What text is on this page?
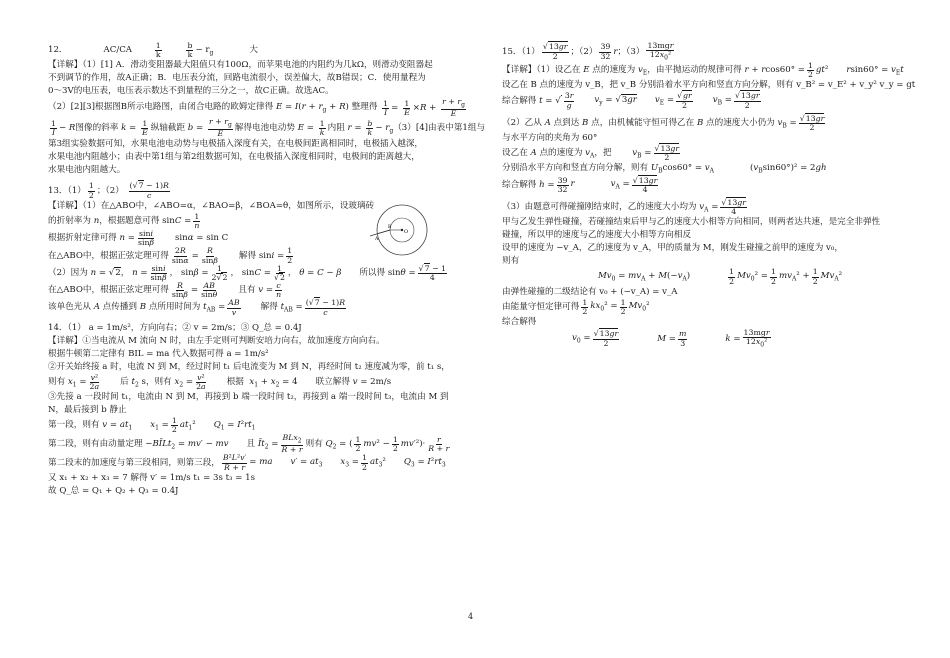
12．	AC/CA	$\frac{1}{k}$
	$\frac{b}{k} - r_g$	大
【详解】（1）[1] A．滑动变阻器最大阻值只有100Ω，而苹果电池的内阻约为几kΩ，则滑动变阻器起
不到调节的作用，故A正确；B．电压表分流，回路电流很小，误差偏大，故B错误；C．使用量程为
0～3V的电压表，电压表示数达不到量程的三分之一，故C正确。故选AC。
（2）[2][3]根据图B所示电路图，由闭合电路的欧姆定律得 $E = I(r + r_g + R)$ 整理得 $\frac{1}{I} = \frac{1}{E} \times R + \frac{r + r_g}{E}$
$\frac{1}{I} - R$图像的斜率 $k = \frac{1}{E}$ 纵轴截距 $b = \frac{r + r_g}{E}$ 解得电池电动势 $E = \frac{1}{k}$ 内阻 $r = \frac{b}{k} - r_g(3)[4]$由表中第1组与
第3组实验数据可知，水果电池电动势与电极插入深度有关，在电极间距离相同时，电极插入越深，
水果电池内阻越小；由表中第1组与第2组数据可知，在电极插入深度相同时，电极间的距离越大，
水果电池内阻越大。
13．$(1) \frac{1}{2}$ ；$(2) \frac{(√7 - 1)R}{c}$
【详解】（1）在△ABO中，∠ABO=α，∠BAO=β，∠BOA=θ，如图所示，设玻璃砖
的折射率为 n，根据题意可得 $\sin C = \frac{1}{n}$
根据折射定律可得 $n = \frac{\sin i}{\sin\beta}$ sinα = sin C
在△ABO中，根据正弦定理可得 $\frac{2R}{\sin\alpha} = \frac{R}{\sin\beta}$ 解得 $\sin i = \frac{1}{2}$
（2）因为 n = √2， $n = \frac{\sin i}{\sin\beta}$ ， $\sin\beta = \frac{1}{2√2}$ ， $\sin C = \frac{1}{√2}$ ， θ = C − β 所以得 $\sin\theta = \frac{√7 - 1}{4}$
在△ABO中，根据正弦定理可得 $\frac{R}{\sin\beta} = \frac{AB}{\sin\theta}$ 且有 $v = \frac{c}{n}$
该单色光从 A 点传播到 B 点所用时间为 $t_{AB} = \frac{AB}{v}$ 解得 $t_{AB} = \frac{(√7 - 1)R}{c}$
14．（1） a = 1m/s²，方向向右；② v = 2m/s；③ Q_总 = 0.4J
【详解】①当电流从 M 流向 N 时，由左手定则可判断安培力向右，故加速度方向向右。
根据牛顿第二定律有 BIL = ma 代入数据可得 a = 1m/s²
②开关始终接 a 时，电流 N 到 M，经过时间 t₁ 后电流变为 M 到 N，再经时间 t₂ 速度减为零，前 t₁ s，
则有 $x_1 = \frac{\text{v²}}{2a}$ 后 $t_2$ s，则有 $x_2 = \frac{\text{v²}}{2a}$ 根据  $x_1 + x_2 = 4$ 联立解得 v = 2m/s
③先接 a 一段时间 t₁，电流由 N 到 M，再接到 b 端一段时间 t₂，再接到 a 端一段时间 t₃，电流由 M 到
N，最后接到 b 静止
第一段，则有 $v = at_1$ $x_1 = \frac{1}{2} at_1^2$ $Q_1 = I^2rt_1$
第二段，则有由动量定理 −BĪLt$_2$ = mv′ − mv 且 $Īt_2 = \frac{BLx_2}{R + r}$ 则有 $Q_2$ = ( $\frac{1}{2} mv^2 - \frac{1}{2} mv'^2)\cdot \frac{r}{R + r}$
第二段末的加速度与第三段相同，则第三段， $\frac{\text{B²L²v′}}{R + r}$ = ma $v' = at_3$ $x_3 = \frac{1}{2} at_3^2$ $Q_3 = I^2rt_3$
又 x₁ + x₂ + x₃ = 7 解得 v′ = 1m/s t₁ = 3s t₃ = 1s
故 Q_总 = Q₁ + Q₂ + Q₃ = 0.4J
O
B
A
15．$(1) \frac{√13gr}{2}$ ；$(2) \frac{39}{32}$ r；$(3) \frac{\text{13mgr}}{12x_0^2}$
【详解】（1）设乙在 E 点的速度为 $v_E$，由平抛运动的规律可得 $r + rcos60^\circ = \frac{1}{2} gt^2$ $rsin60^\circ = v_Et$
设乙在 B 点的速度为 v_B，把 v_B 分别沿着水平方向和竖直方向分解，则有 v_B² = v_E² + v_y² v_y = gt
综合解得 t = √ $\frac{3r}{g} v_y = √3gr$ $v_E = \frac{√gr}{2} v_B = \frac{√13gr}{2}$
（2）乙从 A 点到达 B 点，由机械能守恒可得乙在 B 点的速度大小仍为 $v_B = \frac{√13gr}{2}$
与水平方向的夹角为 60°
设乙在 A 点的速度为 $v_A$，把 $v_B = \frac{√13gr}{2}$
分别沿水平方向和竖直方向分解，则有 $U_B\cos 60^\circ = v_A$	$(v_B\sin 60^\circ)^2 = 2gh$
综合解得 $h = \frac{39}{32}$ r	$v_A = \frac{√13gr}{4}$
（3）由题意可得碰撞刚结束时，乙的速度大小均为 $v_A = \frac{√13gr}{4}$
甲与乙发生弹性碰撞，若碰撞结束后甲与乙的速度大小相等方向相同，则两者达共速，是完全非弹性
碰撞，所以甲的速度与乙的速度大小相等方向相反
设甲的速度为 −v_A，乙的速度为 v_A，甲的质量为 M，刚发生碰撞之前甲的速度为 v₀，
则有
$Mv_0 = mv_A + M(-v_A)$	$\frac{1}{2} Mv_0^2 = \frac{1}{2} mv_A^2 + \frac{1}{2} Mv_A^2$
由弹性碰撞的二级结论有 v₀ + (−v_A) = v_A
由能量守恒定律可得 $\frac{1}{2} kx_0^2 = \frac{1}{2} Mv_0^2$
综合解得
$v_0 = \frac{√13gr}{2}$	$M = \frac{m}{3}$	$k = \frac{\text{13mgr}}{12x_0^2}$
4
